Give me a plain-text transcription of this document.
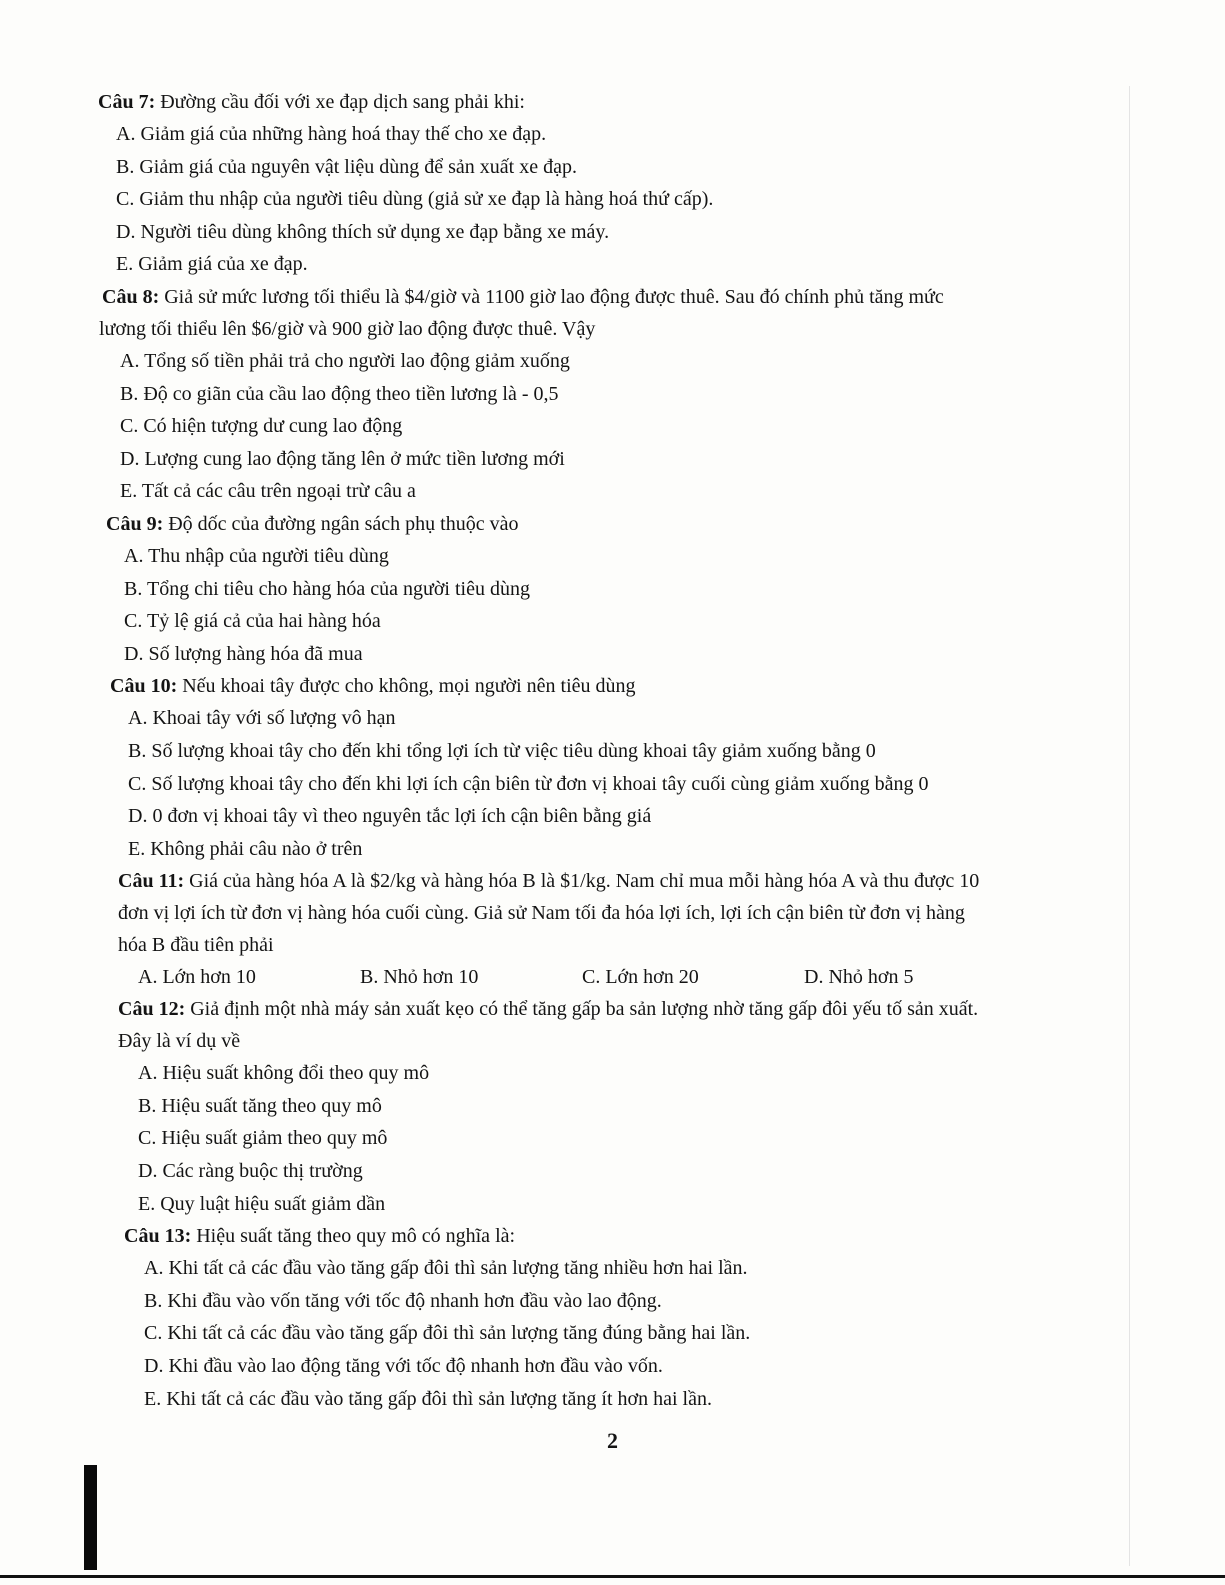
Câu 7: Đường cầu đối với xe đạp dịch sang phải khi:

A. Giảm giá của những hàng hoá thay thế cho xe đạp.

B. Giảm giá của nguyên vật liệu dùng để sản xuất xe đạp.

C. Giảm thu nhập của người tiêu dùng (giả sử xe đạp là hàng hoá thứ cấp).

D. Người tiêu dùng không thích sử dụng xe đạp bằng xe máy.

E. Giảm giá của xe đạp.

Câu 8: Giả sử mức lương tối thiểu là $4/giờ và 1100 giờ lao động được thuê. Sau đó chính phủ tăng mức

lương tối thiểu lên $6/giờ và 900 giờ lao động được thuê. Vậy

A. Tổng số tiền phải trả cho người lao động giảm xuống

B. Độ co giãn của cầu lao động theo tiền lương là - 0,5

C. Có hiện tượng dư cung lao động

D. Lượng cung lao động tăng lên ở mức tiền lương mới

E. Tất cả các câu trên ngoại trừ câu a

Câu 9: Độ dốc của đường ngân sách phụ thuộc vào

A. Thu nhập của người tiêu dùng

B. Tổng chi tiêu cho hàng hóa của người tiêu dùng

C. Tỷ lệ giá cả của hai hàng hóa

D. Số lượng hàng hóa đã mua

Câu 10: Nếu khoai tây được cho không, mọi người nên tiêu dùng

A. Khoai tây với số lượng vô hạn

B. Số lượng khoai tây cho đến khi tổng lợi ích từ việc tiêu dùng khoai tây giảm xuống bằng 0

C. Số lượng khoai tây cho đến khi lợi ích cận biên từ đơn vị khoai tây cuối cùng giảm xuống bằng 0

D. 0 đơn vị khoai tây vì theo nguyên tắc lợi ích cận biên bằng giá

E. Không phải câu nào ở trên

Câu 11: Giá của hàng hóa A là $2/kg và hàng hóa B là $1/kg. Nam chỉ mua mỗi hàng hóa A và thu được 10

đơn vị lợi ích từ đơn vị hàng hóa cuối cùng. Giả sử Nam tối đa hóa lợi ích, lợi ích cận biên từ đơn vị hàng

hóa B đầu tiên phải

A. Lớn hơn 10	B. Nhỏ hơn 10	C. Lớn hơn 20	D. Nhỏ hơn 5

Câu 12: Giả định một nhà máy sản xuất kẹo có thể tăng gấp ba sản lượng nhờ tăng gấp đôi yếu tố sản xuất.

Đây là ví dụ về

A. Hiệu suất không đổi theo quy mô

B. Hiệu suất tăng theo quy mô

C. Hiệu suất giảm theo quy mô

D. Các ràng buộc thị trường

E. Quy luật hiệu suất giảm dần

Câu 13: Hiệu suất tăng theo quy mô có nghĩa là:

A. Khi tất cả các đầu vào tăng gấp đôi thì sản lượng tăng nhiều hơn hai lần.

B. Khi đầu vào vốn tăng với tốc độ nhanh hơn đầu vào lao động.

C. Khi tất cả các đầu vào tăng gấp đôi thì sản lượng tăng đúng bằng hai lần.

D. Khi đầu vào lao động tăng với tốc độ nhanh hơn đầu vào vốn.

E. Khi tất cả các đầu vào tăng gấp đôi thì sản lượng tăng ít hơn hai lần.

2
